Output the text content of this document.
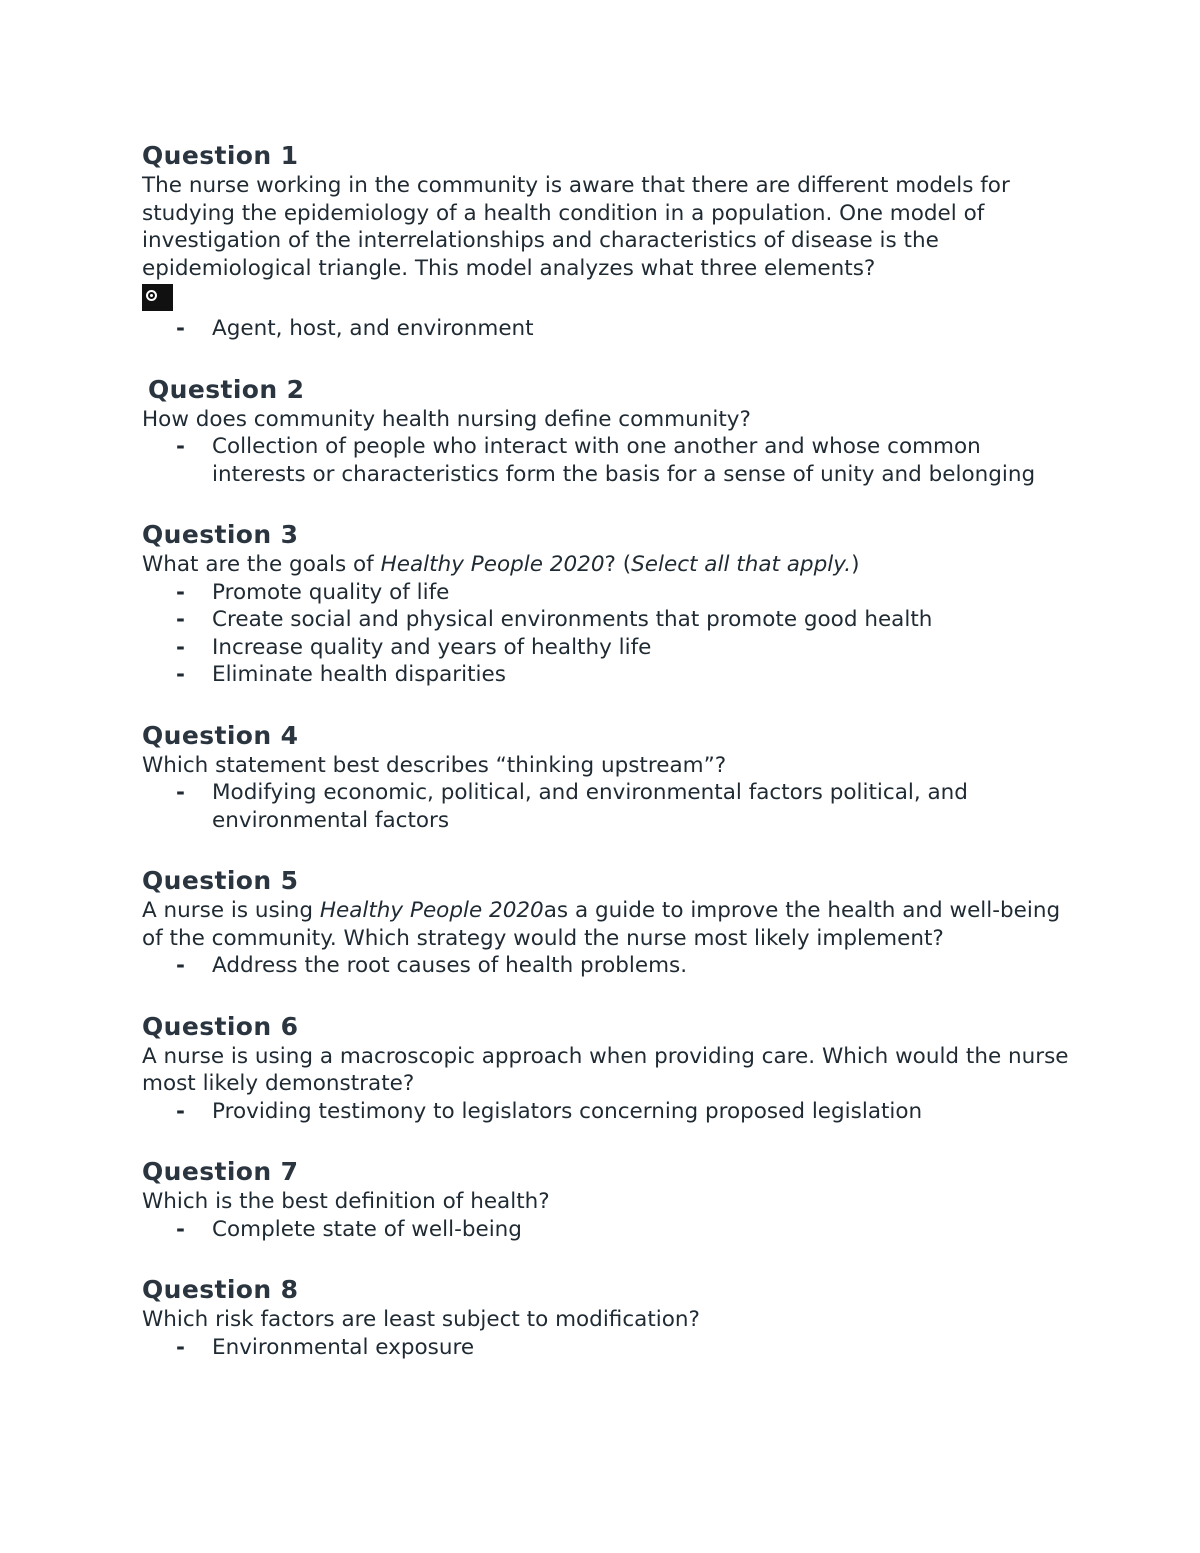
Question 1

The nurse working in the community is aware that there are different models for studying the epidemiology of a health condition in a population. One model of investigation of the interrelationships and characteristics of disease is the epidemiological triangle. This model analyzes what three elements?

- Agent, host, and environment

Question 2

How does community health nursing define community?

- Collection of people who interact with one another and whose common interests or characteristics form the basis for a sense of unity and belonging

Question 3

What are the goals of Healthy People 2020? (Select all that apply.)

- Promote quality of life
- Create social and physical environments that promote good health
- Increase quality and years of healthy life
- Eliminate health disparities

Question 4

Which statement best describes “thinking upstream”?

- Modifying economic, political, and environmental factors political, and environmental factors

Question 5

A nurse is using Healthy People 2020as a guide to improve the health and well-being of the community. Which strategy would the nurse most likely implement?

- Address the root causes of health problems.

Question 6

A nurse is using a macroscopic approach when providing care. Which would the nurse most likely demonstrate?

- Providing testimony to legislators concerning proposed legislation

Question 7

Which is the best definition of health?

- Complete state of well-being

Question 8

Which risk factors are least subject to modification?

- Environmental exposure
